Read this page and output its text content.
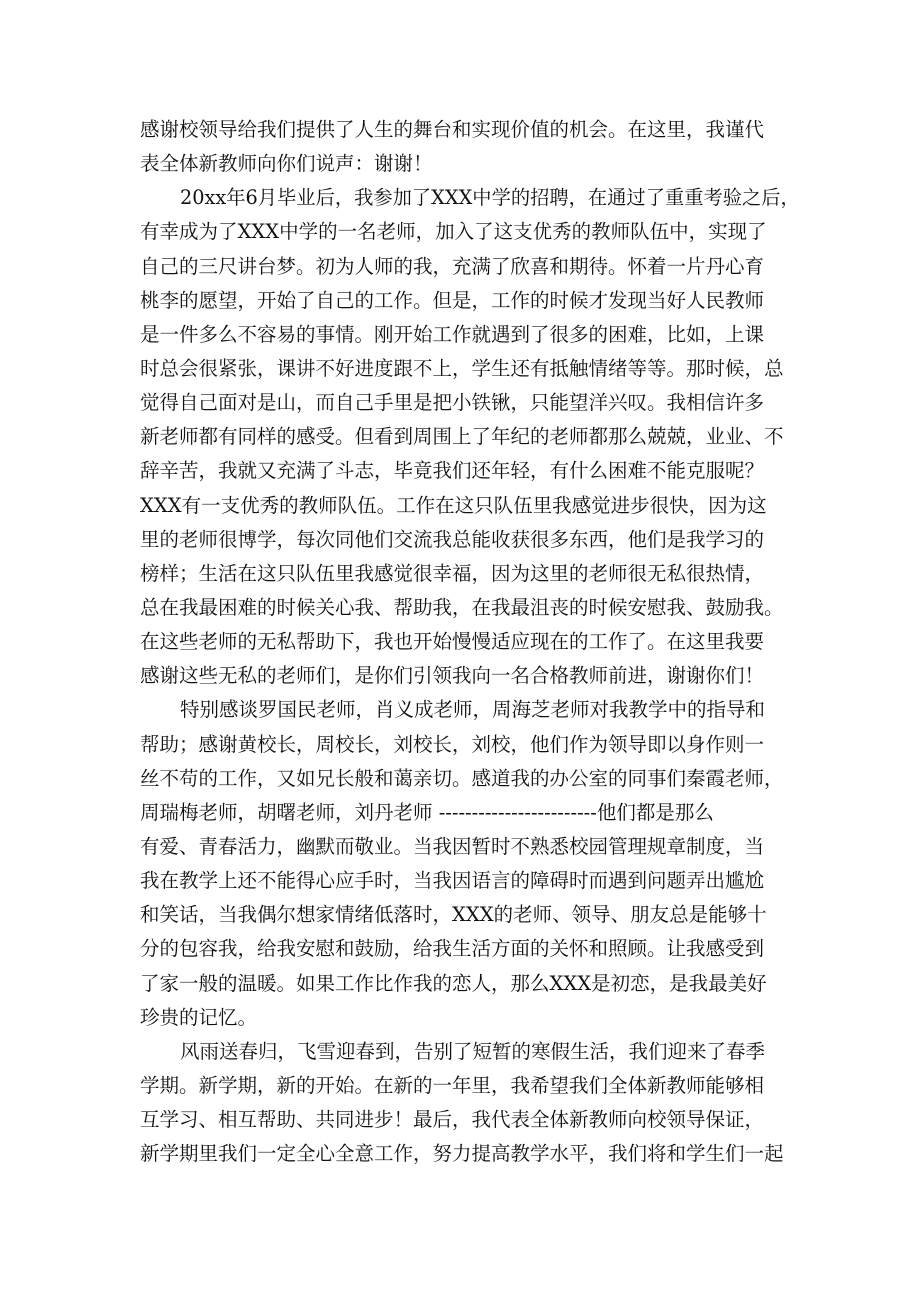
感谢校领导给我们提供了人生的舞台和实现价值的机会。在这里，我谨代
表全体新教师向你们说声：谢谢！
20xx年6月毕业后，我参加了XXX中学的招聘，在通过了重重考验之后，
有幸成为了XXX中学的一名老师，加入了这支优秀的教师队伍中，实现了
自己的三尺讲台梦。初为人师的我，充满了欣喜和期待。怀着一片丹心育
桃李的愿望，开始了自己的工作。但是，工作的时候才发现当好人民教师
是一件多么不容易的事情。刚开始工作就遇到了很多的困难，比如，上课
时总会很紧张，课讲不好进度跟不上，学生还有抵触情绪等等。那时候，总
觉得自己面对是山，而自己手里是把小铁锹，只能望洋兴叹。我相信许多
新老师都有同样的感受。但看到周围上了年纪的老师都那么兢兢，业业、不
辞辛苦，我就又充满了斗志，毕竟我们还年轻，有什么困难不能克服呢？
XXX有一支优秀的教师队伍。工作在这只队伍里我感觉进步很快，因为这
里的老师很博学，每次同他们交流我总能收获很多东西，他们是我学习的
榜样；生活在这只队伍里我感觉很幸福，因为这里的老师很无私很热情，
总在我最困难的时候关心我、帮助我，在我最沮丧的时候安慰我、鼓励我。
在这些老师的无私帮助下，我也开始慢慢适应现在的工作了。在这里我要
感谢这些无私的老师们，是你们引领我向一名合格教师前进，谢谢你们！
特别感谈罗国民老师，肖义成老师，周海芝老师对我教学中的指导和
帮助；感谢黄校长，周校长，刘校长，刘校，他们作为领导即以身作则一
丝不苟的工作，又如兄长般和蔼亲切。感道我的办公室的同事们秦霞老师，
周瑞梅老师，胡曙老师，刘丹老师 ------------------------他们都是那么
有爱、青春活力，幽默而敬业。当我因暂时不熟悉校园管理规章制度，当
我在教学上还不能得心应手时，当我因语言的障碍时而遇到问题弄出尴尬
和笑话，当我偶尔想家情绪低落时，XXX的老师、领导、朋友总是能够十
分的包容我，给我安慰和鼓励，给我生活方面的关怀和照顾。让我感受到
了家一般的温暖。如果工作比作我的恋人，那么XXX是初恋，是我最美好
珍贵的记忆。
风雨送春归，飞雪迎春到，告别了短暂的寒假生活，我们迎来了春季
学期。新学期，新的开始。在新的一年里，我希望我们全体新教师能够相
互学习、相互帮助、共同进步！最后，我代表全体新教师向校领导保证，
新学期里我们一定全心全意工作，努力提高教学水平，我们将和学生们一起
